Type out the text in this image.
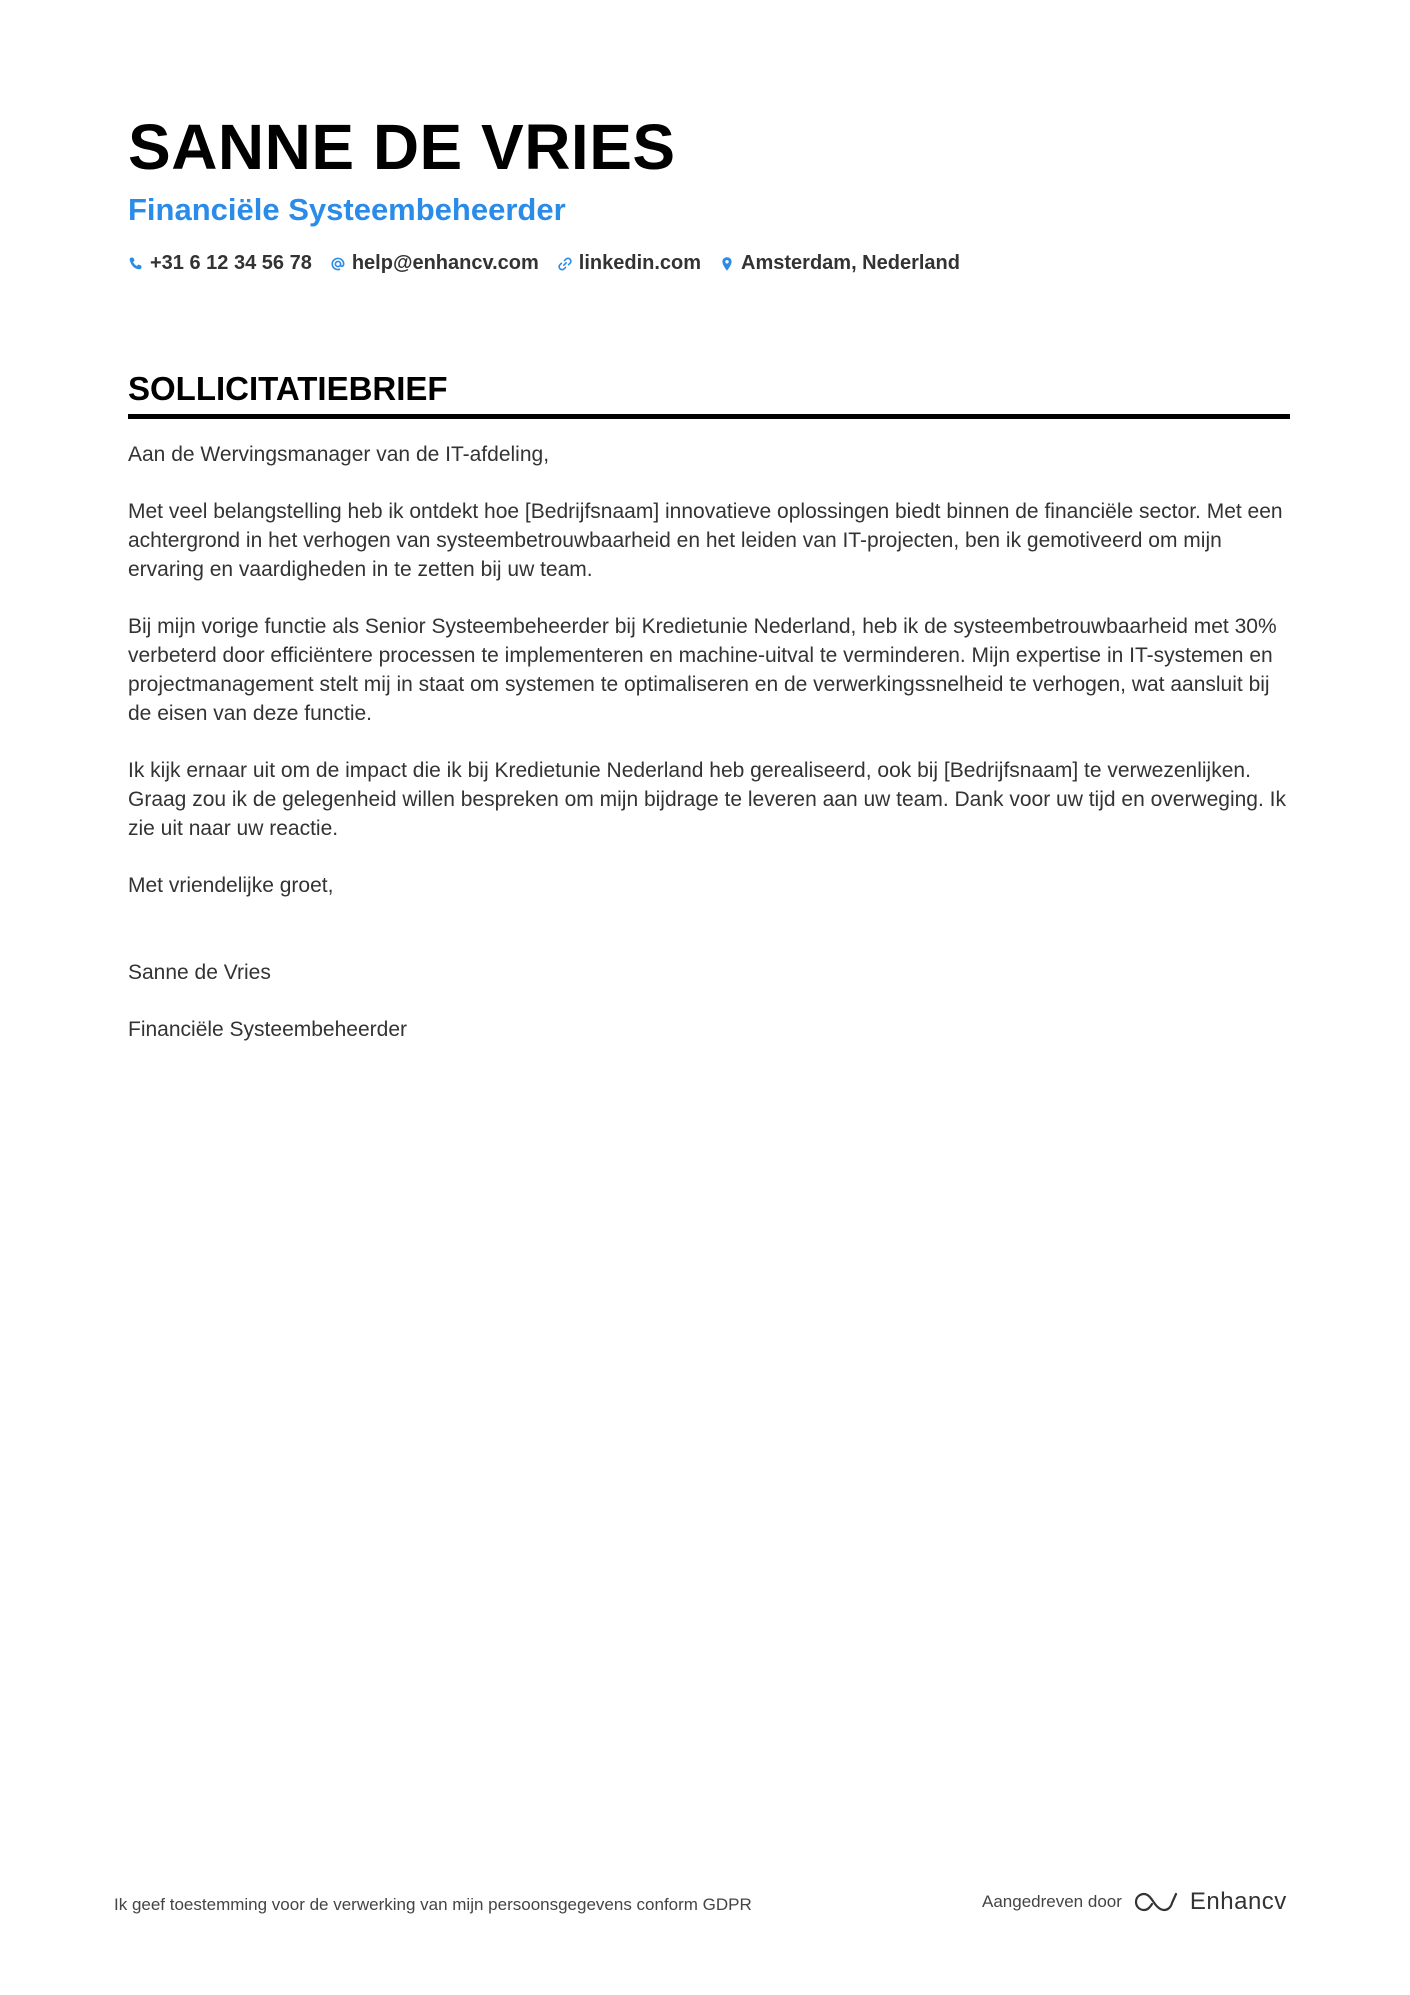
SANNE DE VRIES
Financiële Systeembeheerder
+31 6 12 34 56 78 help@enhancv.com linkedin.com Amsterdam, Nederland
SOLLICITATIEBRIEF

Aan de Wervingsmanager van de IT-afdeling,

Met veel belangstelling heb ik ontdekt hoe [Bedrijfsnaam] innovatieve oplossingen biedt binnen de financiële sector. Met een achtergrond in het verhogen van systeembetrouwbaarheid en het leiden van IT-projecten, ben ik gemotiveerd om mijn ervaring en vaardigheden in te zetten bij uw team.

Bij mijn vorige functie als Senior Systeembeheerder bij Kredietunie Nederland, heb ik de systeembetrouwbaarheid met 30% verbeterd door efficiëntere processen te implementeren en machine-uitval te verminderen. Mijn expertise in IT-systemen en projectmanagement stelt mij in staat om systemen te optimaliseren en de verwerkingssnelheid te verhogen, wat aansluit bij de eisen van deze functie.

Ik kijk ernaar uit om de impact die ik bij Kredietunie Nederland heb gerealiseerd, ook bij [Bedrijfsnaam] te verwezenlijken. Graag zou ik de gelegenheid willen bespreken om mijn bijdrage te leveren aan uw team. Dank voor uw tijd en overweging. Ik zie uit naar uw reactie.

Met vriendelijke groet,

Sanne de Vries

Financiële Systeembeheerder

Ik geef toestemming voor de verwerking van mijn persoonsgegevens conform GDPR	Aangedreven door	Enhancv
